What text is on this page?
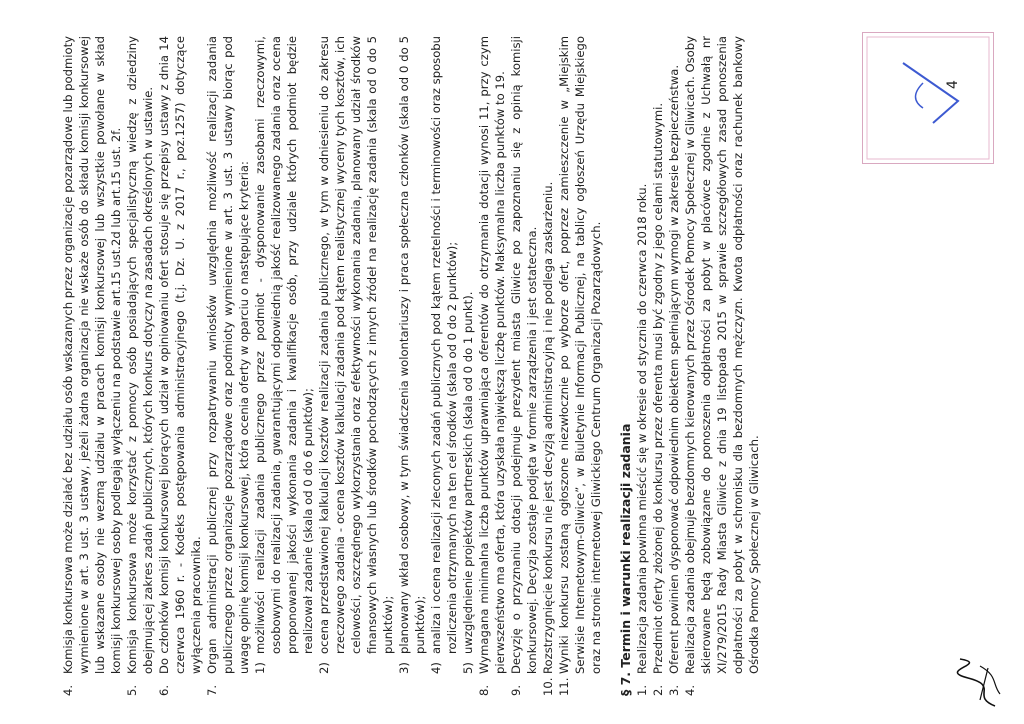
4.
Komisja konkursowa może działać bez udziału osób wskazanych przez organizacje pozarządowe lub podmioty wymienione w art. 3 ust. 3 ustawy, jeżeli żadna organizacja nie wskaże osób do składu komisji konkursowej lub wskazane osoby nie wezmą udziału w pracach komisji konkursowej lub wszystkie powołane w skład komisji konkursowej osoby podlegają wyłączeniu na podstawie art.15 ust.2d lub art.15 ust. 2f.
5.
Komisja konkursowa może korzystać z pomocy osób posiadających specjalistyczną wiedzę z dziedziny obejmującej zakres zadań publicznych, których konkurs dotyczy na zasadach określonych w ustawie.
6.
Do członków komisji konkursowej biorących udział w opiniowaniu ofert stosuje się przepisy ustawy z dnia 14 czerwca 1960 r. - Kodeks postępowania administracyjnego (t.j. Dz. U. z 2017 r., poz.1257) dotyczące wyłączenia pracownika.
7.
Organ administracji publicznej przy rozpatrywaniu wniosków uwzględnia możliwość realizacji zadania publicznego przez organizacje pozarządowe oraz podmioty wymienione w art. 3 ust. 3 ustawy biorąc pod uwagę opinię komisji konkursowej, która ocenia oferty w oparciu o następujące kryteria: 1)
możliwości realizacji zadania publicznego przez podmiot - dysponowanie zasobami rzeczowymi, osobowymi do realizacji zadania, gwarantującymi odpowiednią jakość realizowanego zadania oraz ocena proponowanej jakości wykonania zadania i kwalifikacje osób, przy udziale których podmiot będzie realizował zadanie (skala od 0 do 6 punktów);
2)
ocena przedstawionej kalkulacji kosztów realizacji zadania publicznego, w tym w odniesieniu do zakresu rzeczowego zadania - ocena kosztów kalkulacji zadania pod kątem realistycznej wyceny tych kosztów, ich celowości, oszczędnego wykorzystania oraz efektywności wykonania zadania, planowany udział środków finansowych własnych lub środków pochodzących z innych źródeł na realizację zadania (skala od 0 do 5 punktów);
3)
planowany wkład osobowy, w tym świadczenia wolontariuszy i praca społeczna członków (skala od 0 do 5 punktów);
4)
analiza i ocena realizacji zleconych zadań publicznych pod kątem rzetelności i terminowości oraz sposobu rozliczenia otrzymanych na ten cel środków (skala od 0 do 2 punktów);
5)
uwzględnienie projektów partnerskich (skala od 0 do 1 punkt).
8.
Wymagana minimalna liczba punktów uprawniająca oferentów do otrzymania dotacji wynosi 11, przy czym pierwszeństwo ma oferta, która uzyskała największą liczbę punktów. Maksymalna liczba punktów to 19.
9.
Decyzję o przyznaniu dotacji podejmuje prezydent miasta Gliwice po zapoznaniu się z opinią komisji konkursowej. Decyzja zostaje podjęta w formie zarządzenia i jest ostateczna.
10.
Rozstrzygnięcie konkursu nie jest decyzją administracyjną i nie podlega zaskarżeniu.
11.
Wyniki konkursu zostaną ogłoszone niezwłocznie po wyborze ofert, poprzez zamieszczenie w „Miejskim Serwisie Internetowym-Gliwice”, w Biuletynie Informacji Publicznej, na tablicy ogłoszeń Urzędu Miejskiego oraz na stronie internetowej Gliwickiego Centrum Organizacji Pozarządowych. § 7. Termin i warunki realizacji zadania 1.
Realizacja zadania powinna mieścić się w okresie od stycznia do czerwca 2018 roku.
2.
Przedmiot oferty złożonej do konkursu przez oferenta musi być zgodny z jego celami statutowymi.
3.
Oferent powinien dysponować odpowiednim obiektem spełniającym wymogi w zakresie bezpieczeństwa.
4.
Realizacja zadania obejmuje bezdomnych kierowanych przez Ośrodek Pomocy Społecznej w Gliwicach. Osoby skierowane będą zobowiązane do ponoszenia odpłatności za pobyt w placówce zgodnie z Uchwałą nr XI/279/2015 Rady Miasta Gliwice z dnia 19 listopada 2015 w sprawie szczegółowych zasad ponoszenia odpłatności za pobyt w schronisku dla bezdomnych mężczyzn. Kwota odpłatności oraz rachunek bankowy Ośrodka Pomocy Społecznej w Gliwicach.
4
